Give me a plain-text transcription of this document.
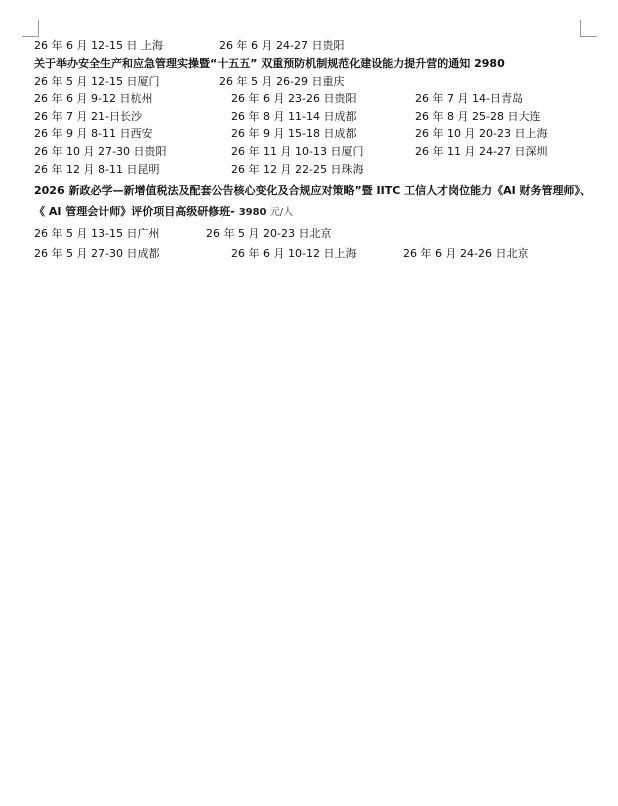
26 年 6 月 12-15 日 上海	26 年 6 月 24-27 日贵阳
关于举办安全生产和应急管理实操暨“十五五” 双重预防机制规范化建设能力提升营的通知 2980
26 年 5 月 12-15 日厦门	26 年 5 月 26-29 日重庆
26 年 6 月 9-12 日杭州	26 年 6 月 23-26 日贵阳	26 年 7 月 14-日青岛
26 年 7 月 21-日长沙	26 年 8 月 11-14 日成都	26 年 8 月 25-28 日大连
26 年 9 月 8-11 日西安	26 年 9 月 15-18 日成都	26 年 10 月 20-23 日上海
26 年 10 月 27-30 日贵阳	26 年 11 月 10-13 日厦门	26 年 11 月 24-27 日深圳
26 年 12 月 8-11 日昆明	26 年 12 月 22-25 日珠海
2026 新政必学—新增值税法及配套公告核心变化及合规应对策略”暨 IITC 工信人才岗位能力《AI 财务管理师》、《 AI 管理会计师》评价项目高级研修班- 3980 元/人
26 年 5 月 13-15 日广州	26 年 5 月 20-23 日北京
26 年 5 月 27-30 日成都	26 年 6 月 10-12 日上海	26 年 6 月 24-26 日北京
